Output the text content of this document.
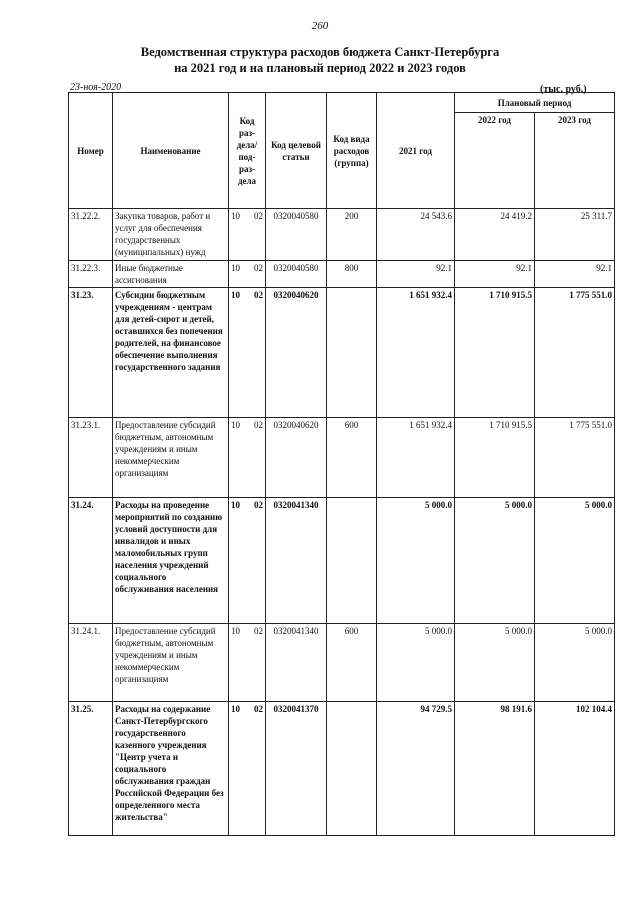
260
Ведомственная структура расходов бюджета Санкт-Петербурга
на 2021 год и на плановый период 2022 и 2023 годов
23-ноя-2020	(тыс. руб.)
Номер	Наименование	Код раз-дела/под-раз-дела	Код целевой статьи	Код вида расходов (группа)	2021 год	Плановый период	
						2022 год	2023 год
31.22.2.	Закупка товаров, работ и услуг для обеспечения государственных (муниципальных) нужд	10 02	0320040580	200	24 543.6	24 419.2	25 311.7
31.22.3.	Иные бюджетные ассигнования	10 02	0320040580	800	92.1	92.1	92.1
31.23.	Субсидии бюджетным учреждениям - центрам для детей-сирот и детей, оставшихся без попечения родителей, на финансовое обеспечение выполнения государственного задания	10 02	0320040620		1 651 932.4	1 710 915.5	1 775 551.0
31.23.1.	Предоставление субсидий бюджетным, автономным учреждениям и иным некоммерческим организациям	10 02	0320040620	600	1 651 932.4	1 710 915.5	1 775 551.0
31.24.	Расходы на проведение мероприятий по созданию условий доступности для инвалидов и иных маломобильных групп населения учреждений социального обслуживания населения	10 02	0320041340		5 000.0	5 000.0	5 000.0
31.24.1.	Предоставление субсидий бюджетным, автономным учреждениям и иным некоммерческим организациям	10 02	0320041340	600	5 000.0	5 000.0	5 000.0
31.25.	Расходы на содержание Санкт-Петербургского государственного казенного учреждения "Центр учета и социального обслуживания граждан Российской Федерации без определенного места жительства"	10 02	0320041370		94 729.5	98 191.6	102 104.4
